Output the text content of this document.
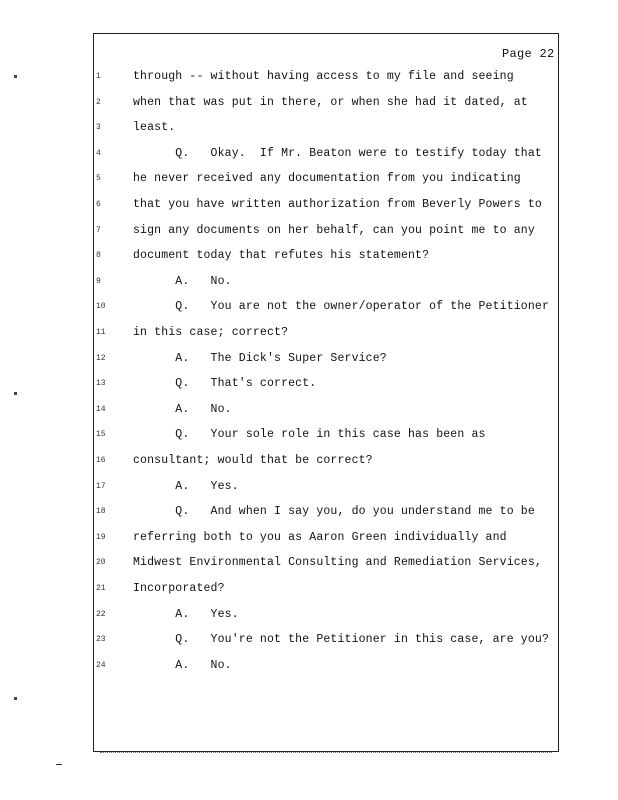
Page 22
1	through -- without having access to my file and seeing
2	when that was put in there, or when she had it dated, at
3	least.
4	Q.   Okay.  If Mr. Beaton were to testify today that
5	he never received any documentation from you indicating
6	that you have written authorization from Beverly Powers to
7	sign any documents on her behalf, can you point me to any
8	document today that refutes his statement?
9	A.   No.
10	Q.   You are not the owner/operator of the Petitioner
11	in this case; correct?
12	A.   The Dick's Super Service?
13	Q.   That's correct.
14	A.   No.
15	Q.   Your sole role in this case has been as
16	consultant; would that be correct?
17	A.   Yes.
18	Q.   And when I say you, do you understand me to be
19	referring both to you as Aaron Green individually and
20	Midwest Environmental Consulting and Remediation Services,
21	Incorporated?
22	A.   Yes.
23	Q.   You're not the Petitioner in this case, are you?
24	A.   No.
